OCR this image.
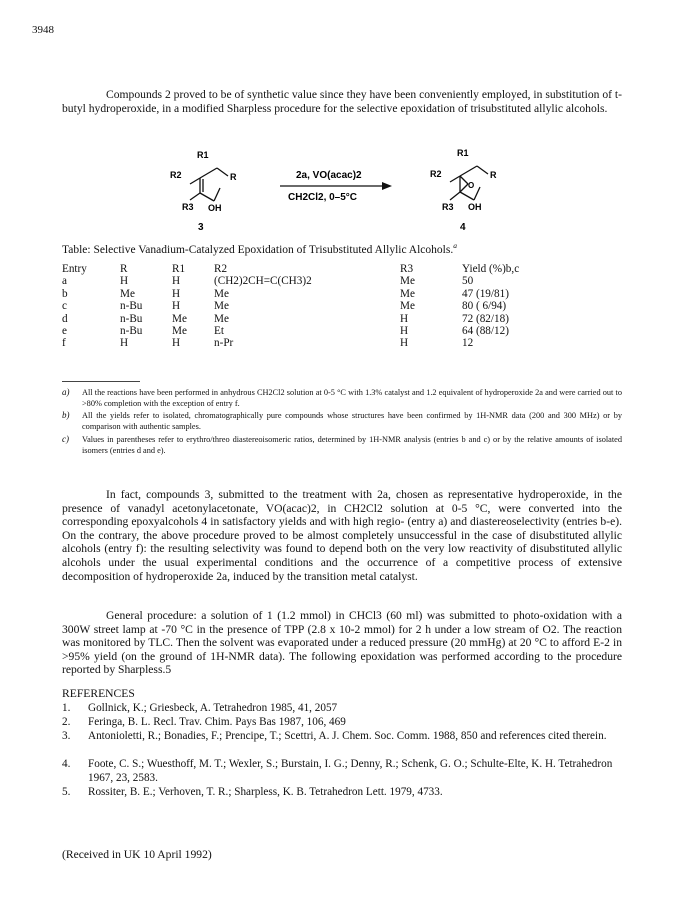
3948

Compounds 2 proved to be of synthetic value since they have been conveniently employed, in substitution of t-butyl hydroperoxide, in a modified Sharpless procedure for the selective epoxidation of trisubstituted allylic alcohols.

R1
R2	R
R3 OH
3
2a, VO(acac)2
CH2Cl2, 0–5°C
R1
R2	R
O
R3 OH
4
Table: Selective Vanadium-Catalyzed Epoxidation of Trisubstituted Allylic Alcohols.$^a$
Entry	R	R1	R2	R3	Yield (%)b,c
a	H	H	(CH2)2CH=C(CH3)2	Me	50
b	Me	H	Me	Me	47 (19/81)
c	n-Bu	H	Me	Me	80 ( 6/94)
d	n-Bu	Me	Me	H	72 (82/18)
e	n-Bu	Me	Et	H	64 (88/12)
f	H	H	n-Pr	H	12
a) All the reactions have been performed in anhydrous CH2Cl2 solution at 0-5 °C with 1.3% catalyst and 1.2 equivalent of hydroperoxide 2a and were carried out to >80% completion with the exception of entry f.
b) All the yields refer to isolated, chromatographically pure compounds whose structures have been confirmed by 1H-NMR data (200 and 300 MHz) or by comparison with authentic samples.
c) Values in parentheses refer to erythro/threo diastereoisomeric ratios, determined by 1H-NMR analysis (entries b and c) or by the relative amounts of isolated isomers (entries d and e).

In fact, compounds 3, submitted to the treatment with 2a, chosen as representative hydroperoxide, in the presence of vanadyl acetonylacetonate, VO(acac)2, in CH2Cl2 solution at 0-5 °C, were converted into the corresponding epoxyalcohols 4 in satisfactory yields and with high regio- (entry a) and diastereoselectivity (entries b-e). On the contrary, the above procedure proved to be almost completely unsuccessful in the case of disubstituted allylic alcohols (entry f): the resulting selectivity was found to depend both on the very low reactivity of disubstituted allylic alcohols under the usual experimental conditions and the occurrence of a competitive process of extensive decomposition of hydroperoxide 2a, induced by the transition metal catalyst.

General procedure: a solution of 1 (1.2 mmol) in CHCl3 (60 ml) was submitted to photo-oxidation with a 300W street lamp at -70 °C in the presence of TPP (2.8 x 10-2 mmol) for 2 h under a low stream of O2. The reaction was monitored by TLC. Then the solvent was evaporated under a reduced pressure (20 mmHg) at 20 °C to afford E-2 in >95% yield (on the ground of 1H-NMR data). The following epoxidation was performed according to the procedure reported by Sharpless.5

REFERENCES
1. Gollnick, K.; Griesbeck, A. Tetrahedron 1985, 41, 2057
2. Feringa, B. L. Recl. Trav. Chim. Pays Bas 1987, 106, 469
3. Antonioletti, R.; Bonadies, F.; Prencipe, T.; Scettri, A. J. Chem. Soc. Comm. 1988, 850 and references cited therein.
4. Foote, C. S.; Wuesthoff, M. T.; Wexler, S.; Burstain, I. G.; Denny, R.; Schenk, G. O.; Schulte-Elte, K. H. Tetrahedron 1967, 23, 2583.
5. Rossiter, B. E.; Verhoven, T. R.; Sharpless, K. B. Tetrahedron Lett. 1979, 4733.
(Received in UK 10 April 1992)
